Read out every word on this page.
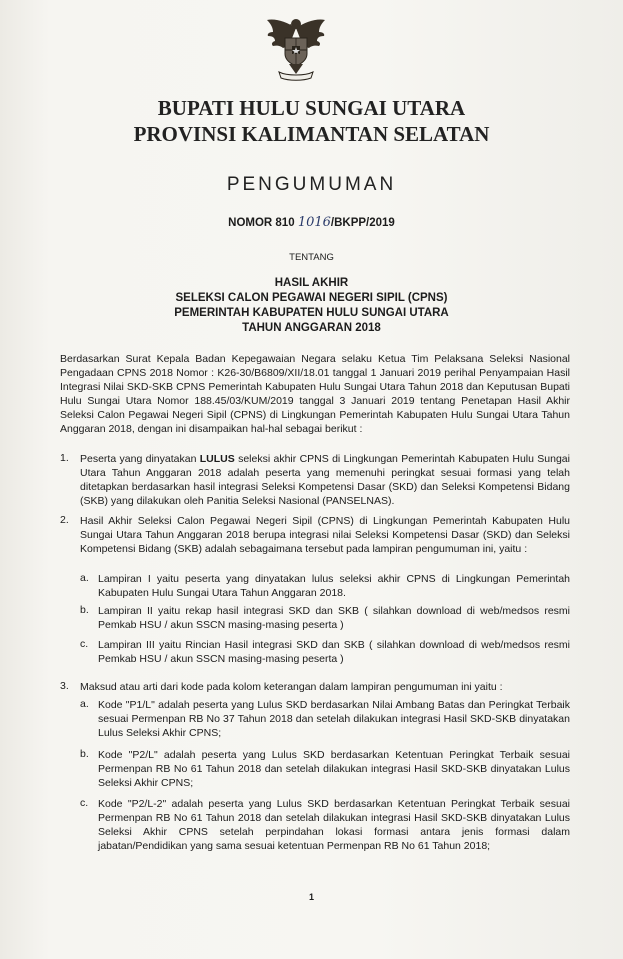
BUPATI HULU SUNGAI UTARA
PROVINSI KALIMANTAN SELATAN
PENGUMUMAN
NOMOR 810 1016/BKPP/2019
TENTANG
HASIL AKHIR
SELEKSI CALON PEGAWAI NEGERI SIPIL (CPNS)
PEMERINTAH KABUPATEN HULU SUNGAI UTARA
TAHUN ANGGARAN 2018
Berdasarkan Surat Kepala Badan Kepegawaian Negara selaku Ketua Tim Pelaksana Seleksi Nasional Pengadaan CPNS 2018 Nomor : K26-30/B6809/XII/18.01 tanggal 1 Januari 2019 perihal Penyampaian Hasil Integrasi Nilai SKD-SKB CPNS Pemerintah Kabupaten Hulu Sungai Utara Tahun 2018 dan Keputusan Bupati Hulu Sungai Utara Nomor 188.45/03/KUM/2019 tanggal 3 Januari 2019 tentang Penetapan Hasil Akhir Seleksi Calon Pegawai Negeri Sipil (CPNS) di Lingkungan Pemerintah Kabupaten Hulu Sungai Utara Tahun Anggaran 2018, dengan ini disampaikan hal-hal sebagai berikut :
1. Peserta yang dinyatakan LULUS seleksi akhir CPNS di Lingkungan Pemerintah Kabupaten Hulu Sungai Utara Tahun Anggaran 2018 adalah peserta yang memenuhi peringkat sesuai formasi yang telah ditetapkan berdasarkan hasil integrasi Seleksi Kompetensi Dasar (SKD) dan Seleksi Kompetensi Bidang (SKB) yang dilakukan oleh Panitia Seleksi Nasional (PANSELNAS).
2. Hasil Akhir Seleksi Calon Pegawai Negeri Sipil (CPNS) di Lingkungan Pemerintah Kabupaten Hulu Sungai Utara Tahun Anggaran 2018 berupa integrasi nilai Seleksi Kompetensi Dasar (SKD) dan Seleksi Kompetensi Bidang (SKB) adalah sebagaimana tersebut pada lampiran pengumuman ini, yaitu :
a. Lampiran I yaitu peserta yang dinyatakan lulus seleksi akhir CPNS di Lingkungan Pemerintah Kabupaten Hulu Sungai Utara Tahun Anggaran 2018.
b. Lampiran II yaitu rekap hasil integrasi SKD dan SKB ( silahkan download di web/medsos resmi Pemkab HSU / akun SSCN masing-masing peserta )
c. Lampiran III yaitu Rincian Hasil integrasi SKD dan SKB ( silahkan download di web/medsos resmi Pemkab HSU / akun SSCN masing-masing peserta )
3. Maksud atau arti dari kode pada kolom keterangan dalam lampiran pengumuman ini yaitu :
a. Kode "P1/L" adalah peserta yang Lulus SKD berdasarkan Nilai Ambang Batas dan Peringkat Terbaik sesuai Permenpan RB No 37 Tahun 2018 dan setelah dilakukan integrasi Hasil SKD-SKB dinyatakan Lulus Seleksi Akhir CPNS;
b. Kode "P2/L" adalah peserta yang Lulus SKD berdasarkan Ketentuan Peringkat Terbaik sesuai Permenpan RB No 61 Tahun 2018 dan setelah dilakukan integrasi Hasil SKD-SKB dinyatakan Lulus Seleksi Akhir CPNS;
c. Kode "P2/L-2" adalah peserta yang Lulus SKD berdasarkan Ketentuan Peringkat Terbaik sesuai Permenpan RB No 61 Tahun 2018 dan setelah dilakukan integrasi Hasil SKD-SKB dinyatakan Lulus Seleksi Akhir CPNS setelah perpindahan lokasi formasi antara jenis formasi dalam jabatan/Pendidikan yang sama sesuai ketentuan Permenpan RB No 61 Tahun 2018;
1
